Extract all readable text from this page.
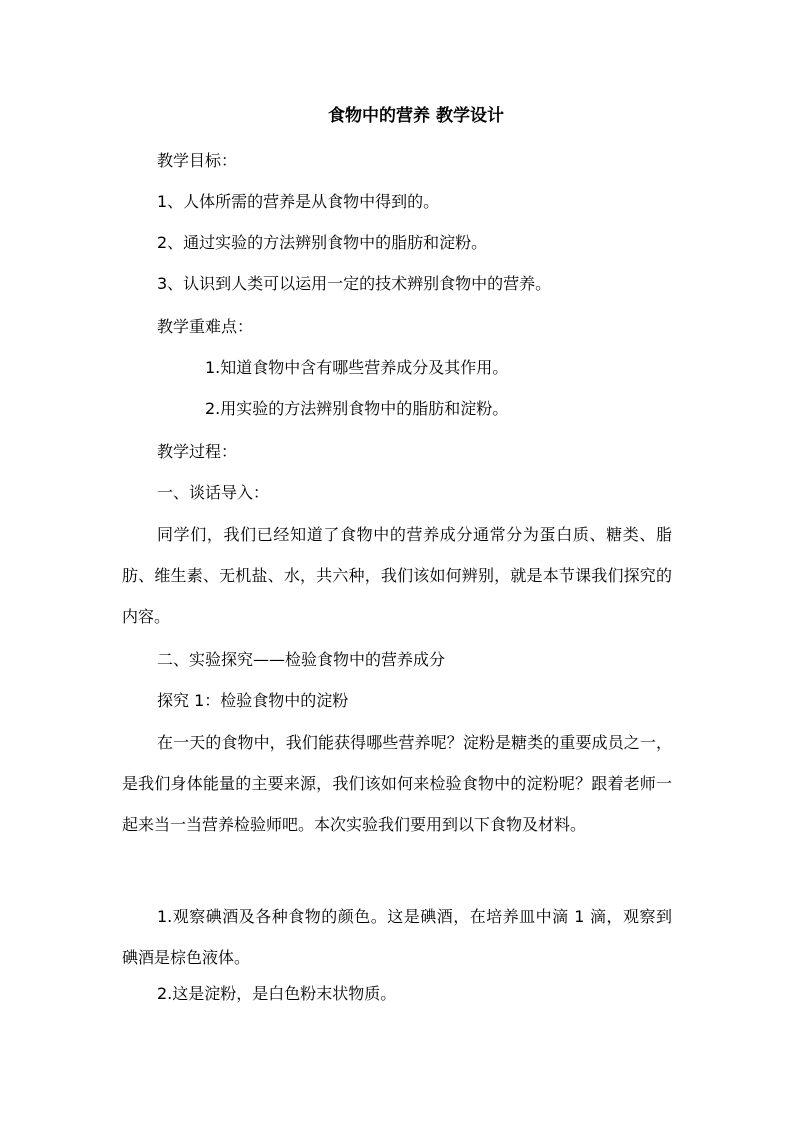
食物中的营养 教学设计
教学目标：
1、人体所需的营养是从食物中得到的。
2、通过实验的方法辨别食物中的脂肪和淀粉。
3、认识到人类可以运用一定的技术辨别食物中的营养。
教学重难点：
1.知道食物中含有哪些营养成分及其作用。
2.用实验的方法辨别食物中的脂肪和淀粉。
教学过程：
一、谈话导入：
同学们，我们已经知道了食物中的营养成分通常分为蛋白质、糖类、脂肪、维生素、无机盐、水，共六种，我们该如何辨别，就是本节课我们探究的内容。
二、实验探究——检验食物中的营养成分
探究 1：检验食物中的淀粉
在一天的食物中，我们能获得哪些营养呢？淀粉是糖类的重要成员之一，是我们身体能量的主要来源，我们该如何来检验食物中的淀粉呢？跟着老师一起来当一当营养检验师吧。本次实验我们要用到以下食物及材料。
1.观察碘酒及各种食物的颜色。这是碘酒，在培养皿中滴 1 滴，观察到碘酒是棕色液体。
2.这是淀粉，是白色粉末状物质。
